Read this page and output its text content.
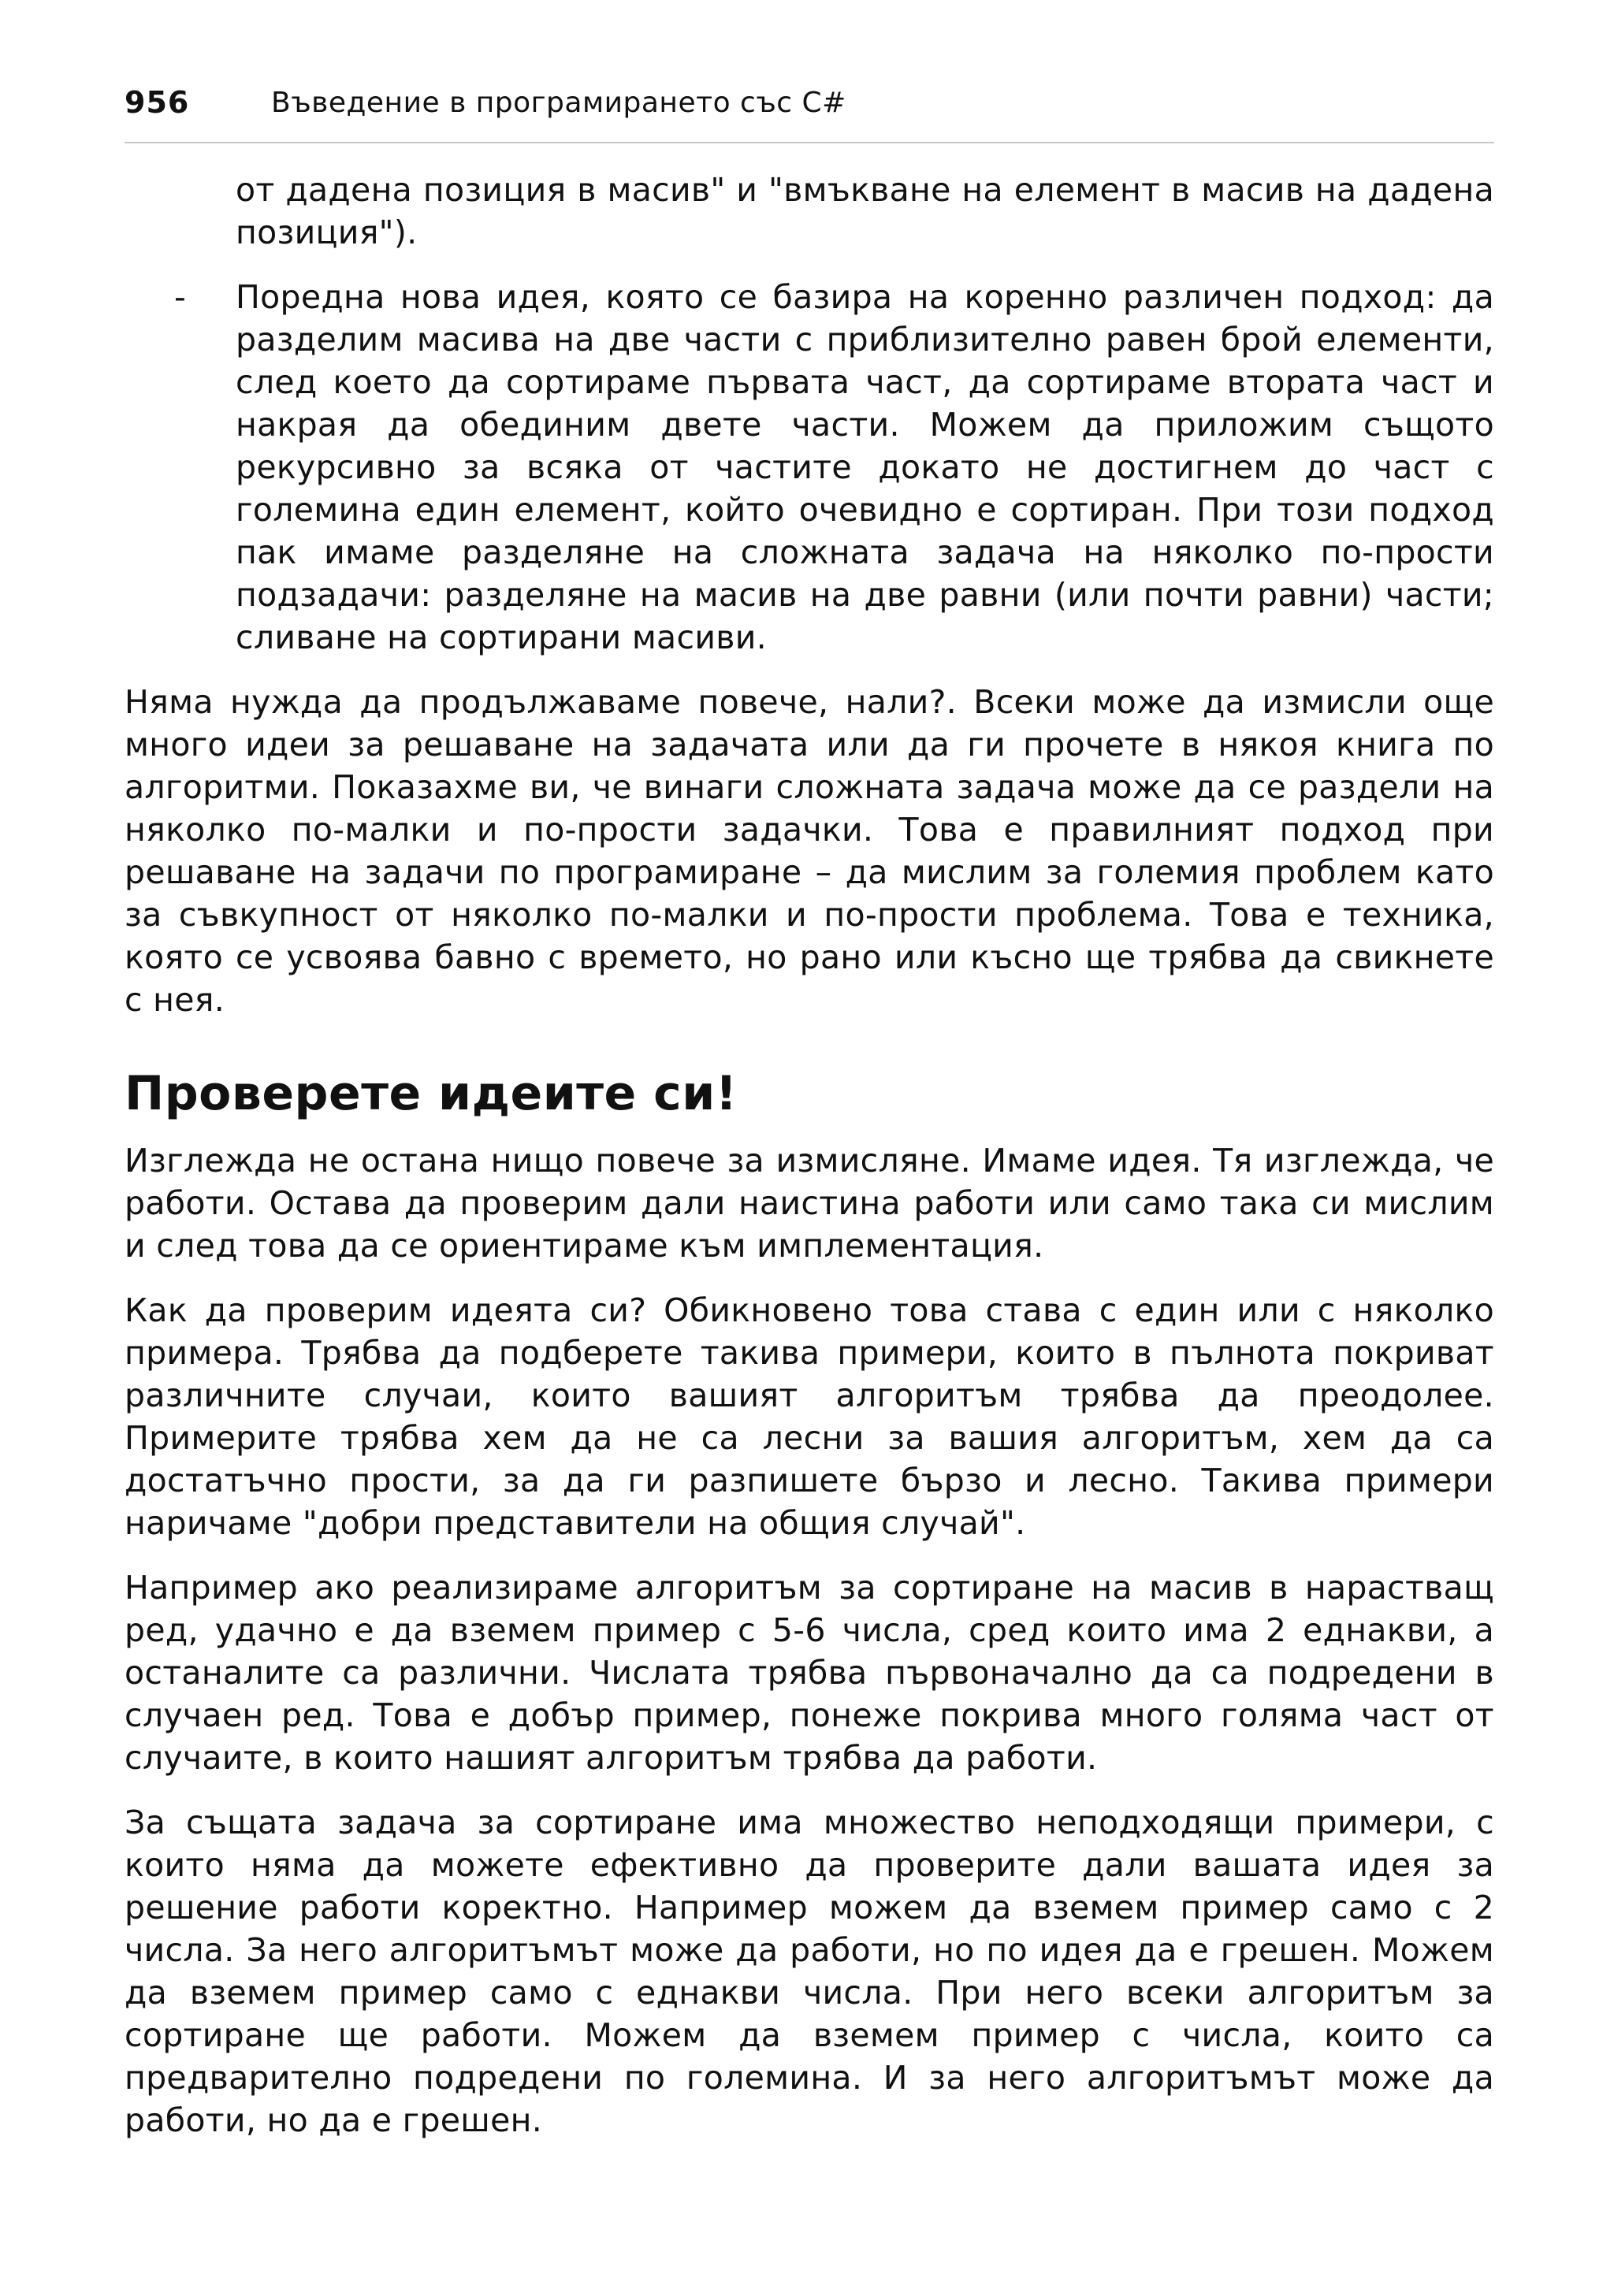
956	Въведение в програмирането със C#

от дадена позиция в масив" и "вмъкване на елемент в масив на дадена позиция").

- Поредна нова идея, която се базира на коренно различен подход: да разделим масива на две части с приблизително равен брой елементи, след което да сортираме първата част, да сортираме втората част и накрая да обединим двете части. Можем да приложим същото рекурсивно за всяка от частите докато не достигнем до част с големина един елемент, който очевидно е сортиран. При този подход пак имаме разделяне на сложната задача на няколко по-прости подзадачи: разделяне на масив на две равни (или почти равни) части; сливане на сортирани масиви.

Няма нужда да продължаваме повече, нали?. Всеки може да измисли още много идеи за решаване на задачата или да ги прочете в някоя книга по алгоритми. Показахме ви, че винаги сложната задача може да се раздели на няколко по-малки и по-прости задачки. Това е правилният подход при решаване на задачи по програмиране – да мислим за големия проблем като за съвкупност от няколко по-малки и по-прости проблема. Това е техника, която се усвоява бавно с времето, но рано или късно ще трябва да свикнете с нея.

Проверете идеите си!

Изглежда не остана нищо повече за измисляне. Имаме идея. Тя изглежда, че работи. Остава да проверим дали наистина работи или само така си мислим и след това да се ориентираме към имплементация.

Как да проверим идеята си? Обикновено това става с един или с няколко примера. Трябва да подберете такива примери, които в пълнота покриват различните случаи, които вашият алгоритъм трябва да преодолее. Примерите трябва хем да не са лесни за вашия алгоритъм, хем да са достатъчно прости, за да ги разпишете бързо и лесно. Такива примери наричаме "добри представители на общия случай".

Например ако реализираме алгоритъм за сортиране на масив в нарастващ ред, удачно е да вземем пример с 5-6 числа, сред които има 2 еднакви, а останалите са различни. Числата трябва първоначално да са подредени в случаен ред. Това е добър пример, понеже покрива много голяма част от случаите, в които нашият алгоритъм трябва да работи.

За същата задача за сортиране има множество неподходящи примери, с които няма да можете ефективно да проверите дали вашата идея за решение работи коректно. Например можем да вземем пример само с 2 числа. За него алгоритъмът може да работи, но по идея да е грешен. Можем да вземем пример само с еднакви числа. При него всеки алгоритъм за сортиране ще работи. Можем да вземем пример с числа, които са предварително подредени по големина. И за него алгоритъмът може да работи, но да е грешен.
